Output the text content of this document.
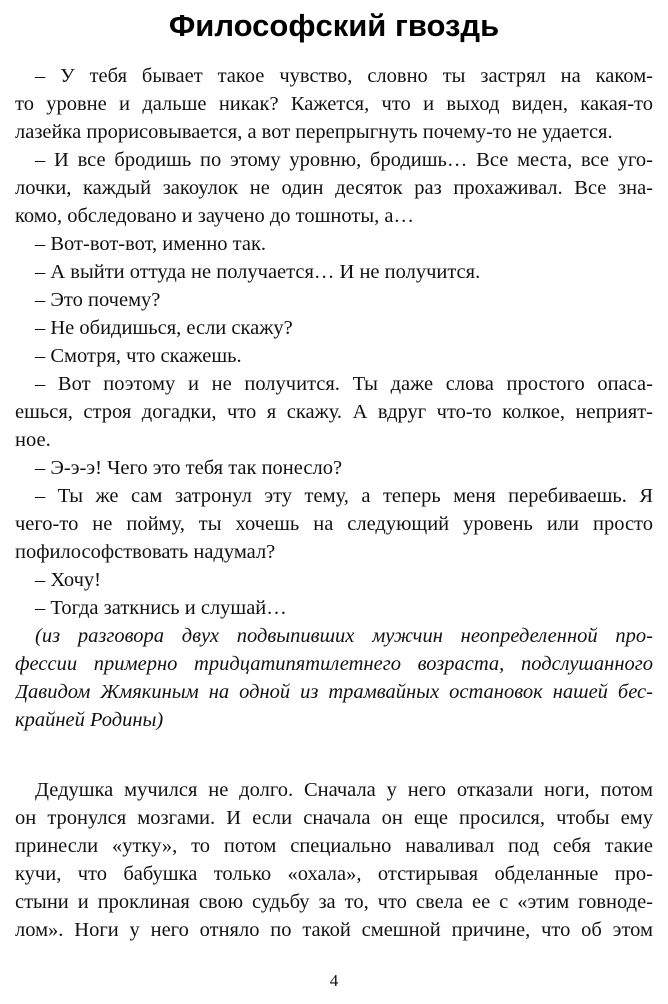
Философский гвоздь
– У тебя бывает такое чувство, словно ты застрял на каком-
то уровне и дальше никак? Кажется, что и выход виден, какая-то
лазейка прорисовывается, а вот перепрыгнуть почему-то не удается.
– И все бродишь по этому уровню, бродишь… Все места, все уго-
лочки, каждый закоулок не один десяток раз прохаживал. Все зна-
комо, обследовано и заучено до тошноты, а…
– Вот-вот-вот, именно так.
– А выйти оттуда не получается… И не получится.
– Это почему?
– Не обидишься, если скажу?
– Смотря, что скажешь.
– Вот поэтому и не получится. Ты даже слова простого опаса-
ешься, строя догадки, что я скажу. А вдруг что-то колкое, неприят-
ное.
– Э-э-э! Чего это тебя так понесло?
– Ты же сам затронул эту тему, а теперь меня перебиваешь. Я
чего-то не пойму, ты хочешь на следующий уровень или просто
пофилософствовать надумал?
– Хочу!
– Тогда заткнись и слушай…
(из разговора двух подвыпивших мужчин неопределенной про-
фессии примерно тридцатипятилетнего возраста, подслушанного
Давидом Жмякиным на одной из трамвайных остановок нашей бес-
крайней Родины)
Дедушка мучился не долго. Сначала у него отказали ноги, потом
он тронулся мозгами. И если сначала он еще просился, чтобы ему
принесли «утку», то потом специально наваливал под себя такие
кучи, что бабушка только «охала», отстирывая обделанные про-
стыни и проклиная свою судьбу за то, что свела ее с «этим говноде-
лом». Ноги у него отняло по такой смешной причине, что об этом
4
